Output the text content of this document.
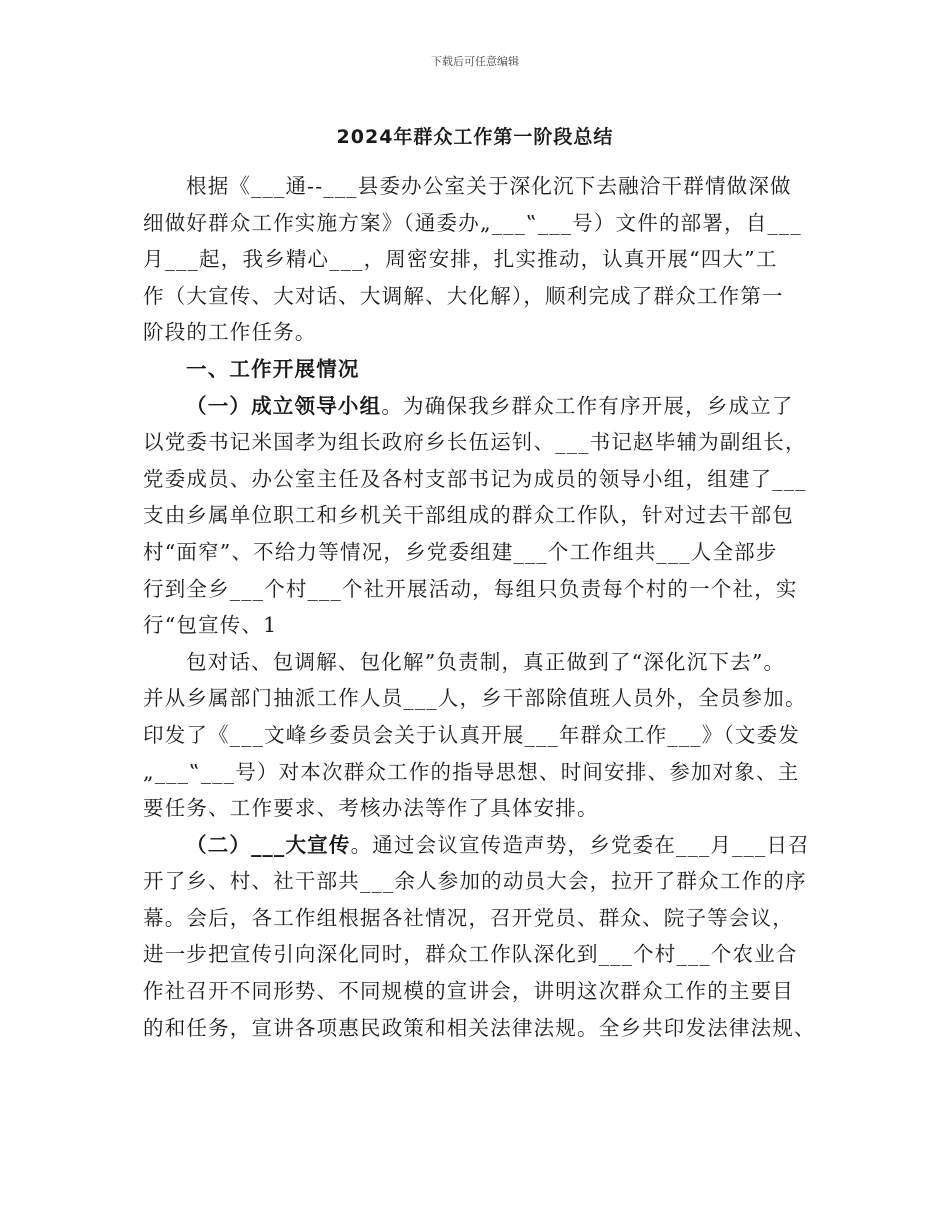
下载后可任意编辑
2024年群众工作第一阶段总结
根据《___通--___县委办公室关于深化沉下去融洽干群情做深做
细做好群众工作实施方案》（通委办„___‟___号）文件的部署，自___
月___起，我乡精心___，周密安排，扎实推动，认真开展“四大”工
作（大宣传、大对话、大调解、大化解），顺利完成了群众工作第一
阶段的工作任务。
一、工作开展情况
（一）成立领导小组。为确保我乡群众工作有序开展，乡成立了
以党委书记米国孝为组长政府乡长伍运钊、___书记赵毕辅为副组长，
党委成员、办公室主任及各村支部书记为成员的领导小组，组建了___
支由乡属单位职工和乡机关干部组成的群众工作队，针对过去干部包
村“面窄”、不给力等情况，乡党委组建___个工作组共___人全部步
行到全乡___个村___个社开展活动，每组只负责每个村的一个社，实
行“包宣传、1
包对话、包调解、包化解”负责制，真正做到了“深化沉下去”。
并从乡属部门抽派工作人员___人，乡干部除值班人员外，全员参加。
印发了《___文峰乡委员会关于认真开展___年群众工作___》（文委发
„___‟___号）对本次群众工作的指导思想、时间安排、参加对象、主
要任务、工作要求、考核办法等作了具体安排。
（二）___大宣传。通过会议宣传造声势，乡党委在___月___日召
开了乡、村、社干部共___余人参加的动员大会，拉开了群众工作的序
幕。会后，各工作组根据各社情况，召开党员、群众、院子等会议，
进一步把宣传引向深化同时，群众工作队深化到___个村___个农业合
作社召开不同形势、不同规模的宣讲会，讲明这次群众工作的主要目
的和任务，宣讲各项惠民政策和相关法律法规。全乡共印发法律法规、
